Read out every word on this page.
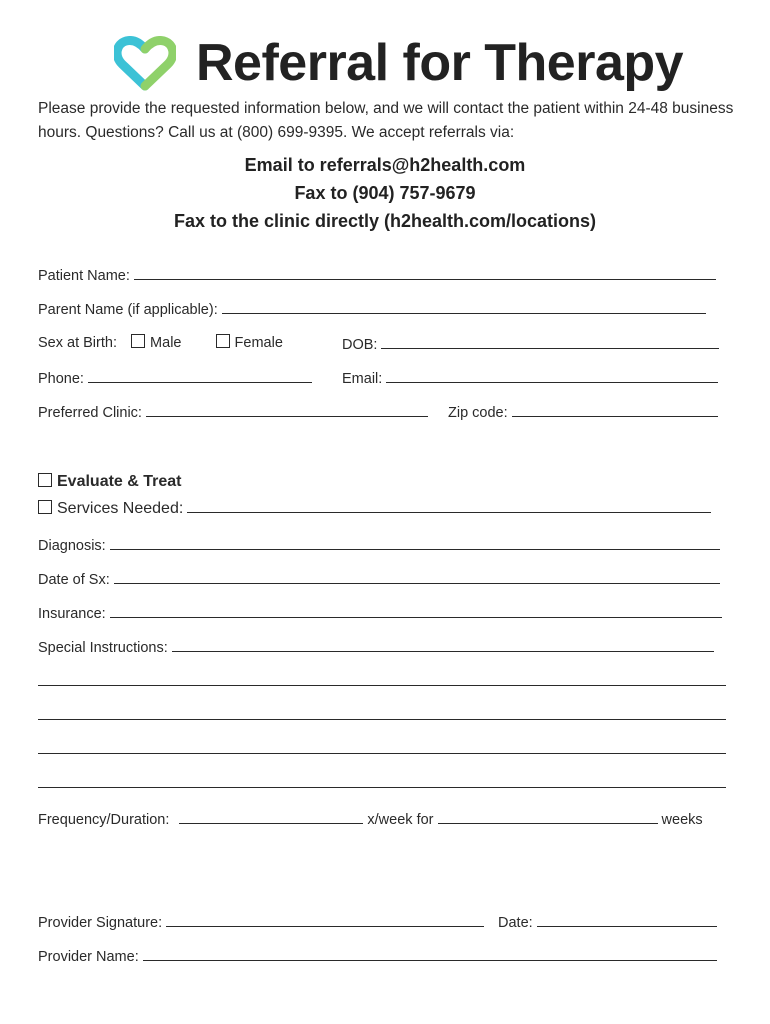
Referral for Therapy
Please provide the requested information below, and we will contact the patient within 24-48 business hours. Questions? Call us at (800) 699-9395. We accept referrals via:
Email to referrals@h2health.com
Fax to (904) 757-9679
Fax to the clinic directly (h2health.com/locations)
Patient Name:
Parent Name (if applicable):
Sex at Birth: Male	Female	DOB:
Phone:	Email:
Preferred Clinic:	Zip code:
Evaluate & Treat
Services Needed:
Diagnosis:
Date of Sx:
Insurance:
Special Instructions:
Frequency/Duration:	x/week for	weeks
Provider Signature:	Date:
Provider Name:
